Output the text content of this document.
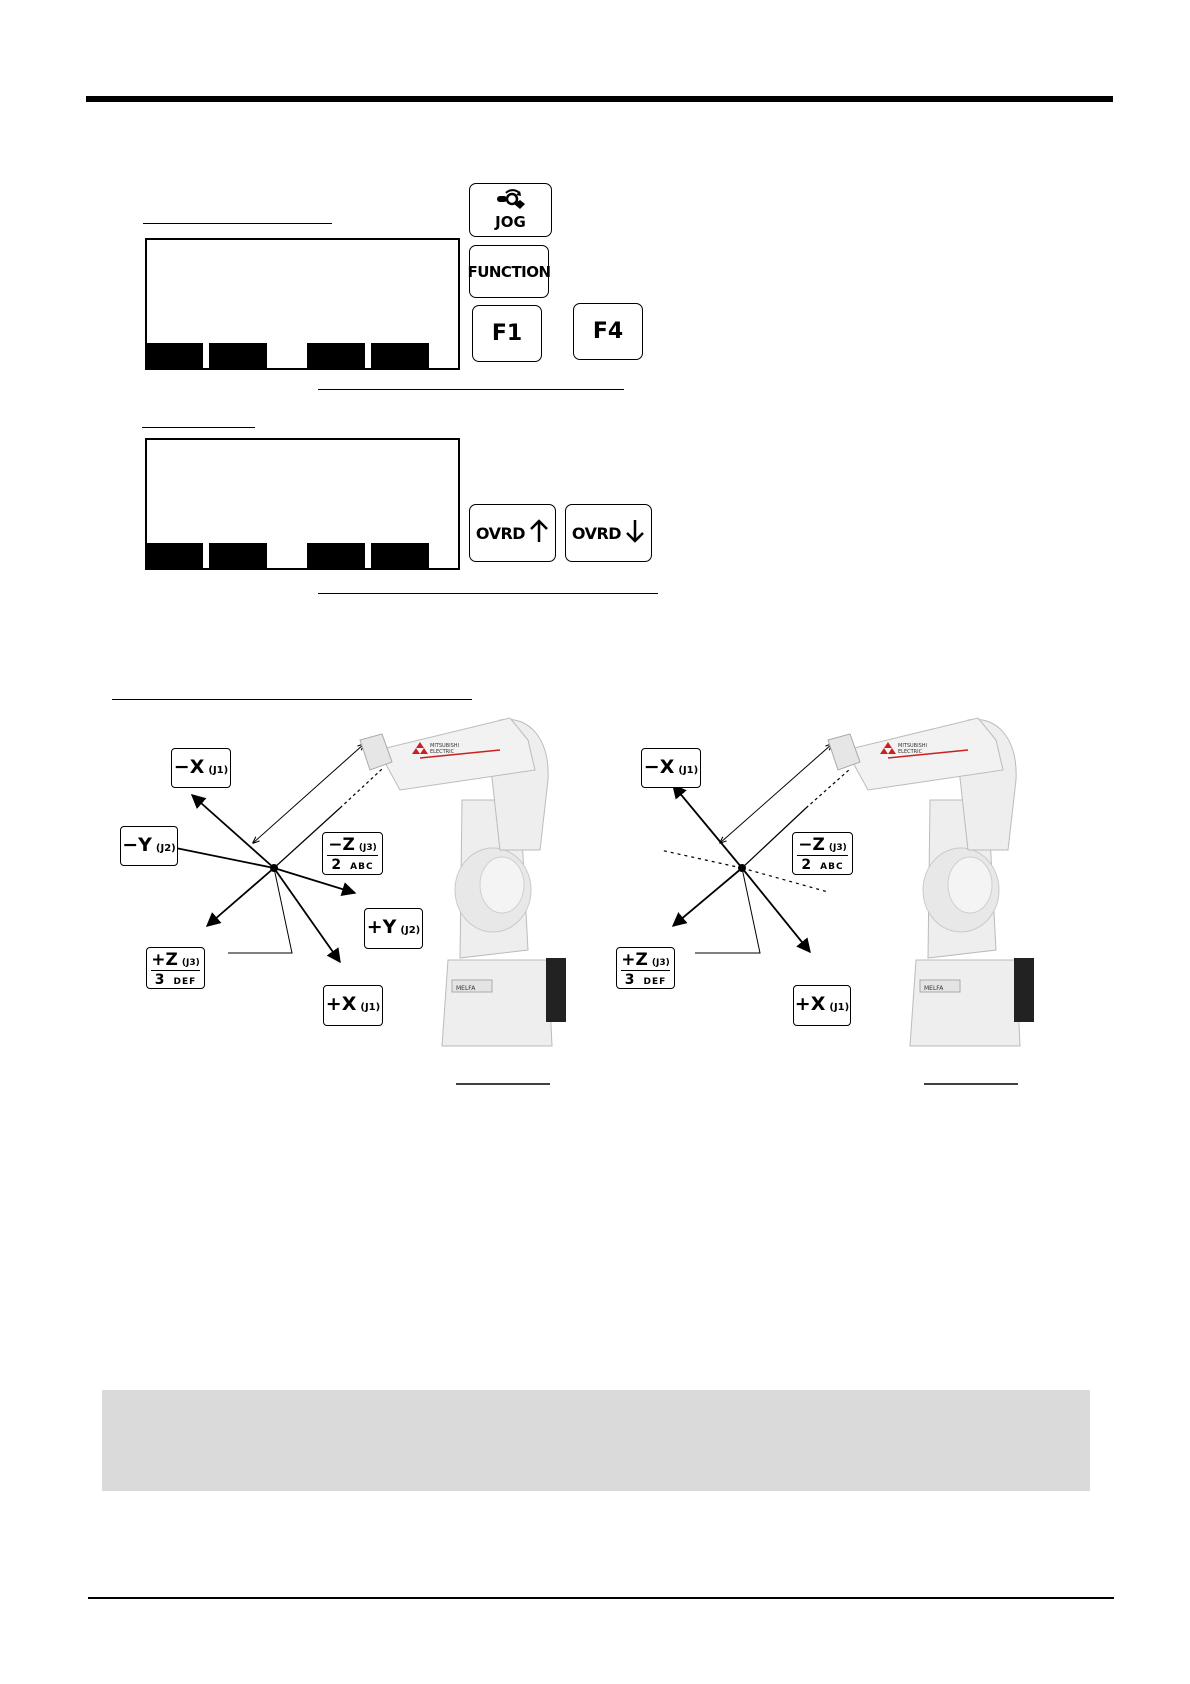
JOG
FUNCTION
F1	F4
OVRD	OVRD
MELFA
MITSUBISHI
ELECTRIC
MELFA
MITSUBISHI
ELECTRIC
−X (J1)
−Y (J2)	−Z (J3)
2 ABC
+Y (J2)
+Z (J3)
3 DEF
+X (J1)
−X (J1)
−Z (J3)
2 ABC
+Z (J3)
3 DEF
+X (J1)
